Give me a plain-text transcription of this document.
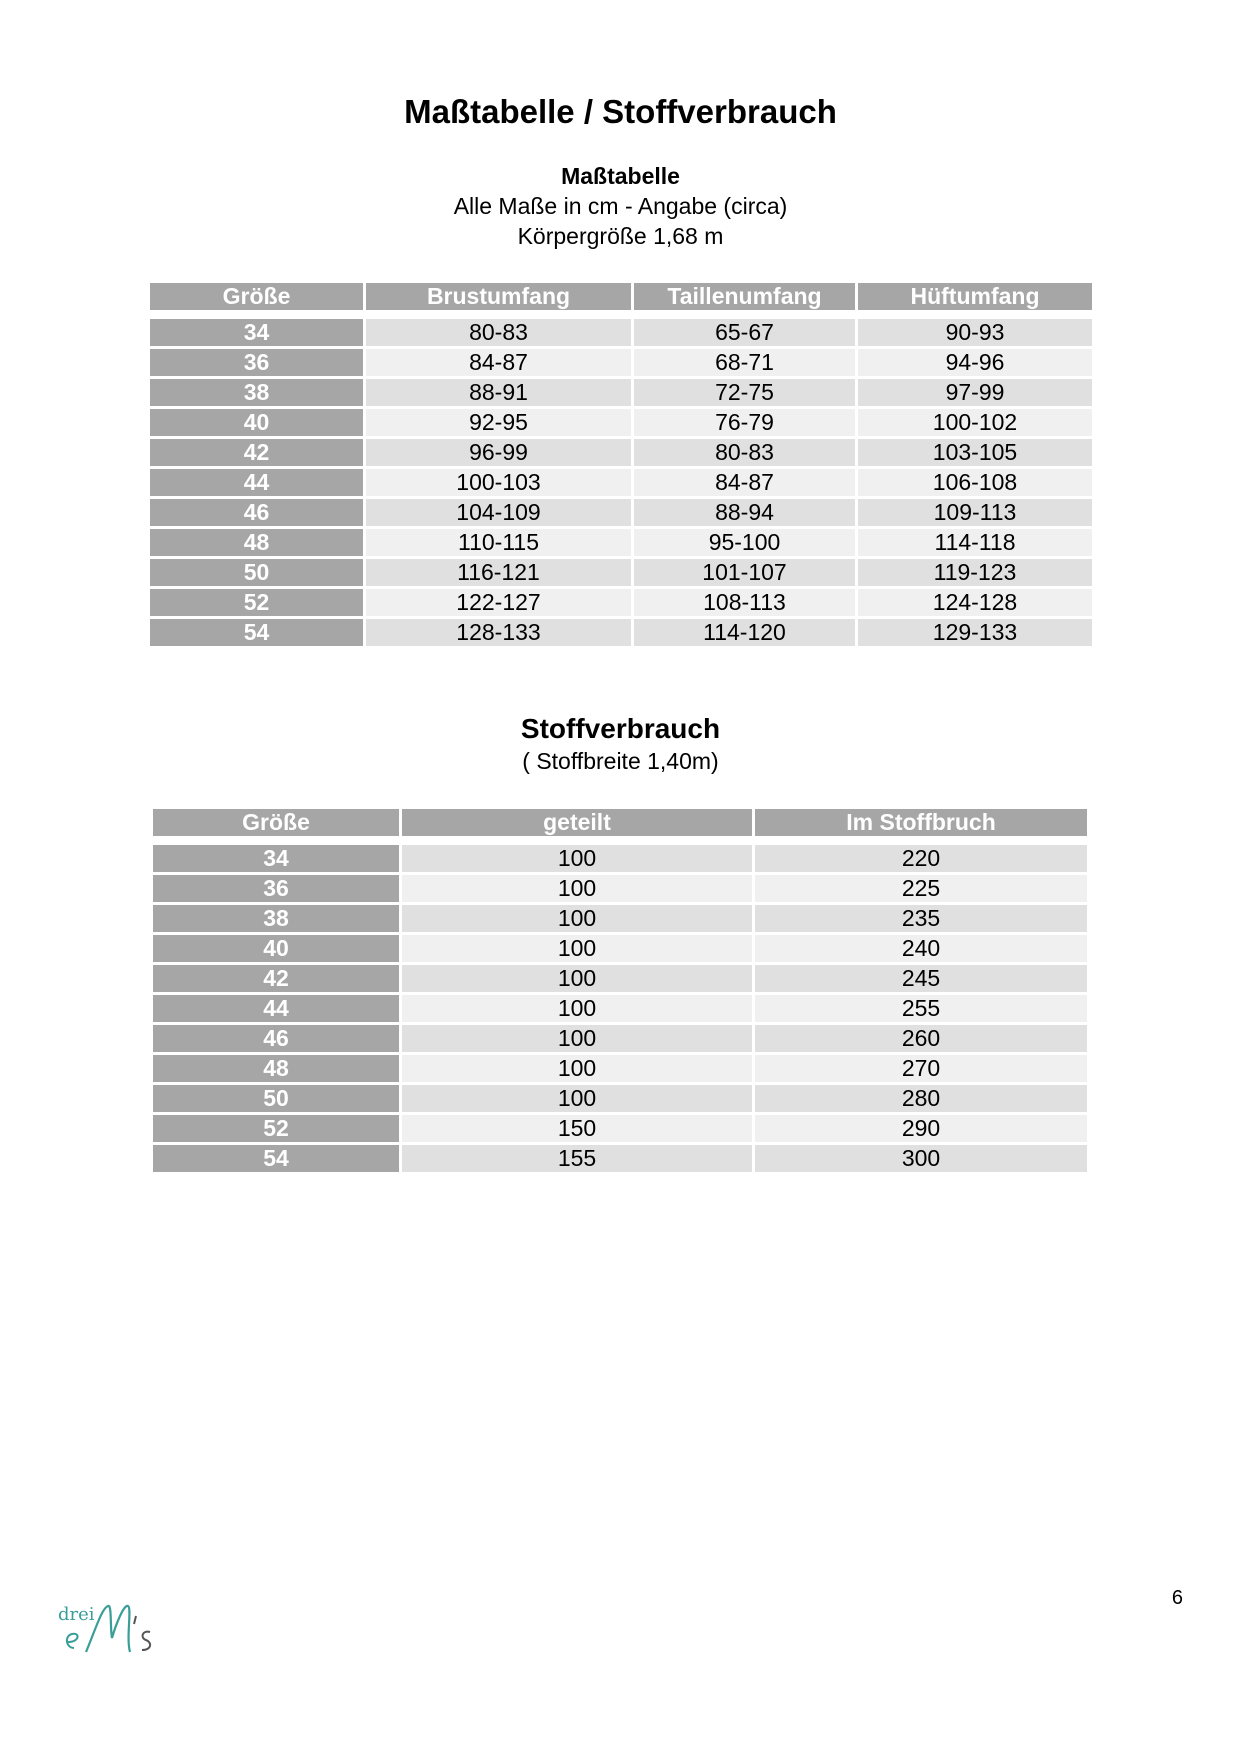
Maßtabelle / Stoffverbrauch
Maßtabelle
Alle Maße in cm - Angabe (circa)
Körpergröße 1,68 m
Größe	Brustumfang	Taillenumfang	Hüftumfang

34	80-83	65-67	90-93
36	84-87	68-71	94-96
38	88-91	72-75	97-99
40	92-95	76-79	100-102
42	96-99	80-83	103-105
44	100-103	84-87	106-108
46	104-109	88-94	109-113
48	110-115	95-100	114-118
50	116-121	101-107	119-123
52	122-127	108-113	124-128
54	128-133	114-120	129-133
Stoffverbrauch
( Stoffbreite 1,40m)
Größe	geteilt	Im Stoffbruch

34	100	220
36	100	225
38	100	235
40	100	240
42	100	245
44	100	255
46	100	260
48	100	270
50	100	280
52	150	290
54	155	300
6
drei
